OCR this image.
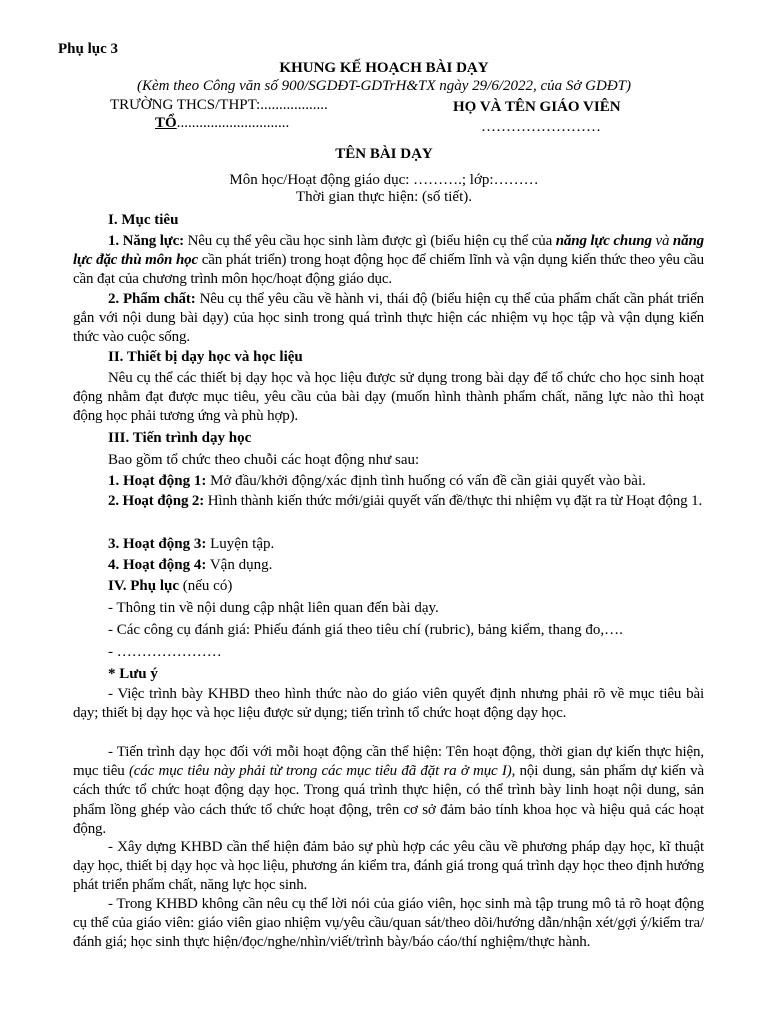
Phụ lục 3
KHUNG KẾ HOẠCH BÀI DẠY
(Kèm theo Công văn số 900/SGDĐT-GDTrH&TX ngày 29/6/2022, của Sở GDĐT)
TRƯỜNG THCS/THPT:..................	HỌ VÀ TÊN GIÁO VIÊN
TỔ..............................	……………………
TÊN BÀI DẠY
Môn học/Hoạt động giáo dục: ……….; lớp:………
Thời gian thực hiện: (số tiết).
I. Mục tiêu

1. Năng lực: Nêu cụ thể yêu cầu học sinh làm được gì (biểu hiện cụ thể của năng lực chung và năng lực đặc thù môn học cần phát triển) trong hoạt động học để chiếm lĩnh và vận dụng kiến thức theo yêu cầu cần đạt của chương trình môn học/hoạt động giáo dục.

2. Phẩm chất: Nêu cụ thể yêu cầu về hành vi, thái độ (biểu hiện cụ thể của phẩm chất cần phát triển gắn với nội dung bài dạy) của học sinh trong quá trình thực hiện các nhiệm vụ học tập và vận dụng kiến thức vào cuộc sống.

II. Thiết bị dạy học và học liệu

Nêu cụ thể các thiết bị dạy học và học liệu được sử dụng trong bài dạy để tổ chức cho học sinh hoạt động nhằm đạt được mục tiêu, yêu cầu của bài dạy (muốn hình thành phẩm chất, năng lực nào thì hoạt động học phải tương ứng và phù hợp).

III. Tiến trình dạy học
Bao gồm tổ chức theo chuỗi các hoạt động như sau:
1. Hoạt động 1: Mở đầu/khởi động/xác định tình huống có vấn đề cần giải quyết vào bài.

2. Hoạt động 2: Hình thành kiến thức mới/giải quyết vấn đề/thực thi nhiệm vụ đặt ra từ Hoạt động 1.

3. Hoạt động 3: Luyện tập.
4. Hoạt động 4: Vận dụng.
IV. Phụ lục (nếu có)
- Thông tin về nội dung cập nhật liên quan đến bài dạy.
- Các công cụ đánh giá: Phiếu đánh giá theo tiêu chí (rubric), bảng kiểm, thang đo,….
- …………………
* Lưu ý

- Việc trình bày KHBD theo hình thức nào do giáo viên quyết định nhưng phải rõ về mục tiêu bài dạy; thiết bị dạy học và học liệu được sử dụng; tiến trình tổ chức hoạt động dạy học.

- Tiến trình dạy học đối với mỗi hoạt động cần thể hiện: Tên hoạt động, thời gian dự kiến thực hiện, mục tiêu (các mục tiêu này phải từ trong các mục tiêu đã đặt ra ở mục I), nội dung, sản phẩm dự kiến và cách thức tổ chức hoạt động dạy học. Trong quá trình thực hiện, có thể trình bày linh hoạt nội dung, sản phẩm lồng ghép vào cách thức tổ chức hoạt động, trên cơ sở đảm bảo tính khoa học và hiệu quả các hoạt động.

- Xây dựng KHBD cần thể hiện đảm bảo sự phù hợp các yêu cầu về phương pháp dạy học, kĩ thuật dạy học, thiết bị dạy học và học liệu, phương án kiểm tra, đánh giá trong quá trình dạy học theo định hướng phát triển phẩm chất, năng lực học sinh.

- Trong KHBD không cần nêu cụ thể lời nói của giáo viên, học sinh mà tập trung mô tả rõ hoạt động cụ thể của giáo viên: giáo viên giao nhiệm vụ/yêu cầu/quan sát/theo dõi/hướng dẫn/nhận xét/gợi ý/kiểm tra/đánh giá; học sinh thực hiện/đọc/nghe/nhìn/viết/trình bày/báo cáo/thí nghiệm/thực hành.
